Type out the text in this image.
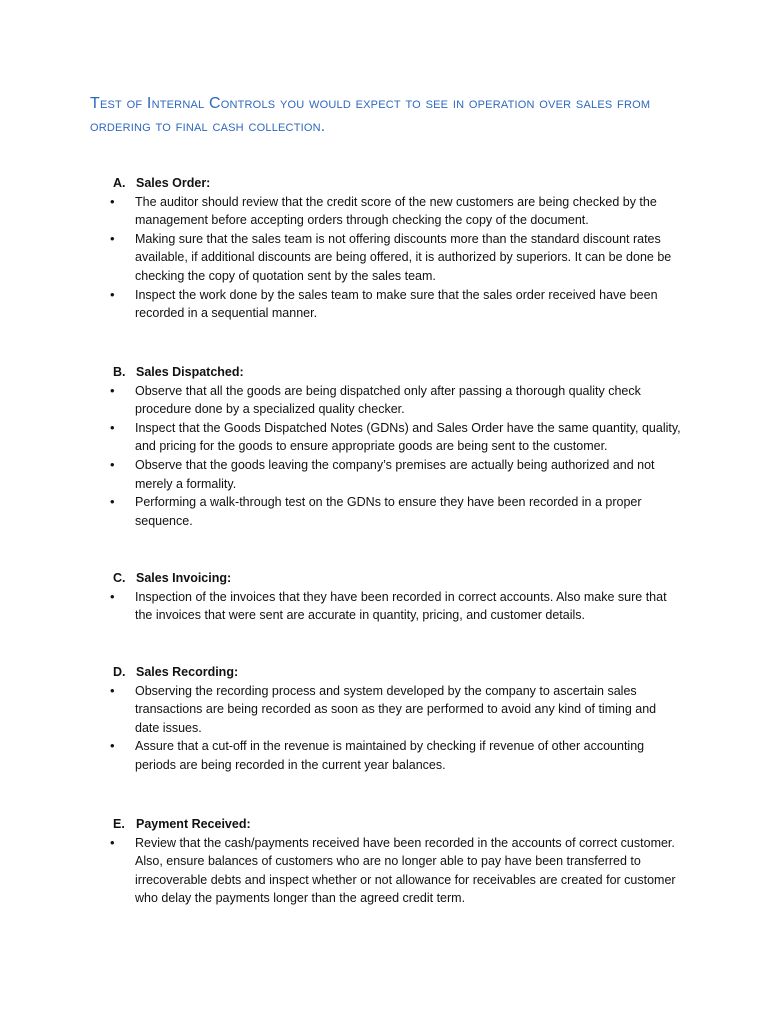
Test of Internal Controls you would expect to see in operation over sales from ordering to final cash collection.
A. Sales Order:
• The auditor should review that the credit score of the new customers are being checked by the management before accepting orders through checking the copy of the document.
• Making sure that the sales team is not offering discounts more than the standard discount rates available, if additional discounts are being offered, it is authorized by superiors. It can be done be checking the copy of quotation sent by the sales team.
• Inspect the work done by the sales team to make sure that the sales order received have been recorded in a sequential manner.
B. Sales Dispatched:
• Observe that all the goods are being dispatched only after passing a thorough quality check procedure done by a specialized quality checker.
• Inspect that the Goods Dispatched Notes (GDNs) and Sales Order have the same quantity, quality, and pricing for the goods to ensure appropriate goods are being sent to the customer.
• Observe that the goods leaving the company’s premises are actually being authorized and not merely a formality.
• Performing a walk-through test on the GDNs to ensure they have been recorded in a proper sequence.
C. Sales Invoicing:
• Inspection of the invoices that they have been recorded in correct accounts. Also make sure that the invoices that were sent are accurate in quantity, pricing, and customer details.
D. Sales Recording:
• Observing the recording process and system developed by the company to ascertain sales transactions are being recorded as soon as they are performed to avoid any kind of timing and date issues.
• Assure that a cut-off in the revenue is maintained by checking if revenue of other accounting periods are being recorded in the current year balances.
E. Payment Received:
• Review that the cash/payments received have been recorded in the accounts of correct customer. Also, ensure balances of customers who are no longer able to pay have been transferred to irrecoverable debts and inspect whether or not allowance for receivables are created for customer who delay the payments longer than the agreed credit term.
